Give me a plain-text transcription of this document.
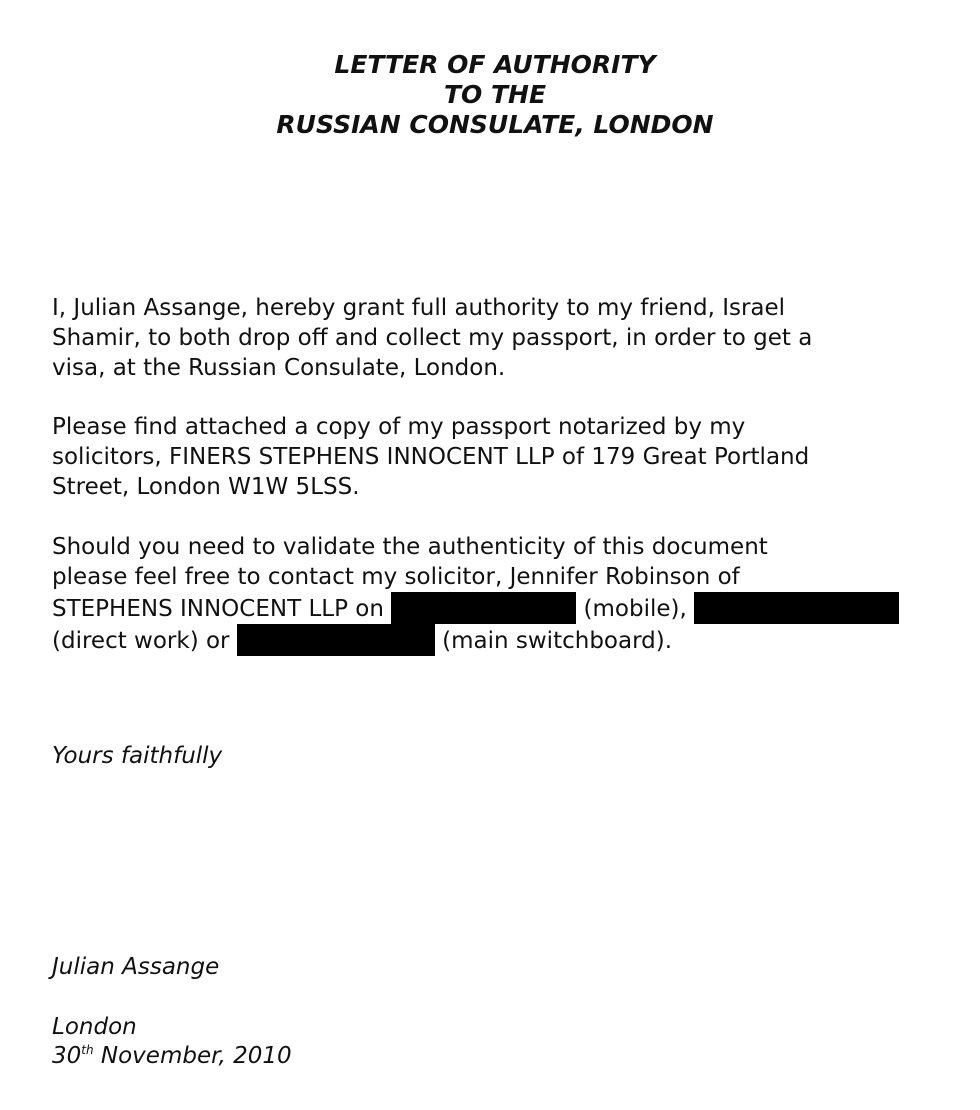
LETTER OF AUTHORITY
TO THE
RUSSIAN CONSULATE, LONDON
I, Julian Assange, hereby grant full authority to my friend, Israel
Shamir, to both drop off and collect my passport, in order to get a
visa, at the Russian Consulate, London.
Please find attached a copy of my passport notarized by my
solicitors, FINERS STEPHENS INNOCENT LLP of 179 Great Portland
Street, London W1W 5LSS.
Should you need to validate the authenticity of this document
please feel free to contact my solicitor, Jennifer Robinson of
STEPHENS INNOCENT LLP on	(mobile),
(direct work) or	(main switchboard).
Yours faithfully
Julian Assange
London
30th November, 2010
